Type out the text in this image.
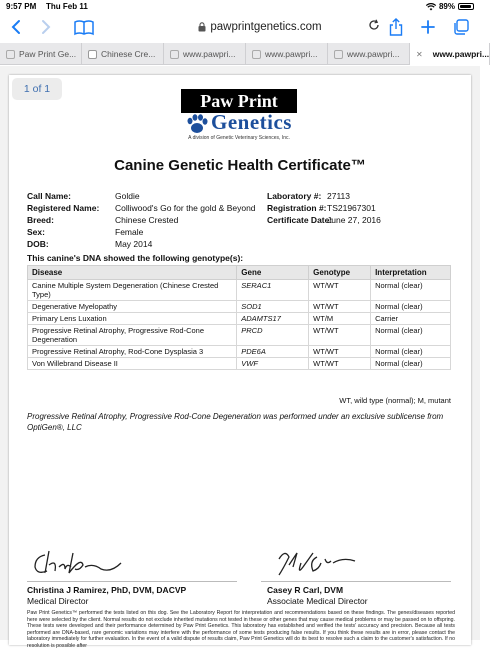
9:57 PM Thu Feb 11	89%
pawprintgenetics.com
Paw Print Ge...	Chinese Cre...	www.pawpri...	www.pawpri...	www.pawpri... ✕ www.pawpri...
1 of 1
Paw Print
Genetics
A division of Genetic Veterinary Sciences, Inc.
Canine Genetic Health Certificate™
Call Name:	Goldie
Registered Name: Colliwood's Go for the gold & Beyond
Breed:	Chinese Crested
Sex:	Female
DOB:	May 2014
Laboratory #: 27113
Registration #:TS21967301
Certificate Date:June 27, 2016
This canine's DNA showed the following genotype(s):
Disease	Gene	Genotype	Interpretation
Canine Multiple System Degeneration (Chinese Crested Type)	SERAC1	WT/WT	Normal (clear)
Degenerative Myelopathy	SOD1	WT/WT	Normal (clear)
Primary Lens Luxation	ADAMTS17	WT/M	Carrier
Progressive Retinal Atrophy, Progressive Rod-Cone Degeneration	PRCD	WT/WT	Normal (clear)
Progressive Retinal Atrophy, Rod-Cone Dysplasia 3	PDE6A	WT/WT	Normal (clear)
Von Willebrand Disease II	VWF	WT/WT	Normal (clear)
WT, wild type (normal); M, mutant
Progressive Retinal Atrophy, Progressive Rod-Cone Degeneration was performed under an exclusive sublicense from OptiGen®, LLC
Christina J Ramirez, PhD, DVM, DACVP
Medical Director
Casey R Carl, DVM
Associate Medical Director
Paw Print Genetics™ performed the tests listed on this dog. See the Laboratory Report for interpretation and recommendations based on these findings. The genes/diseases reported here were selected by the client. Normal results do not exclude inherited mutations not tested in these or other genes that may cause medical problems or may be passed on to offspring. These tests were developed and their performance determined by Paw Print Genetics. This laboratory has established and verified the tests' accuracy and precision. Because all tests performed are DNA-based, rare genomic variations may interfere with the performance of some tests producing false results. If you think these results are in error, please contact the laboratory immediately for further evaluation. In the event of a valid dispute of results claim, Paw Print Genetics will do its best to resolve such a claim to the customer's satisfaction. If no resolution is possible after
